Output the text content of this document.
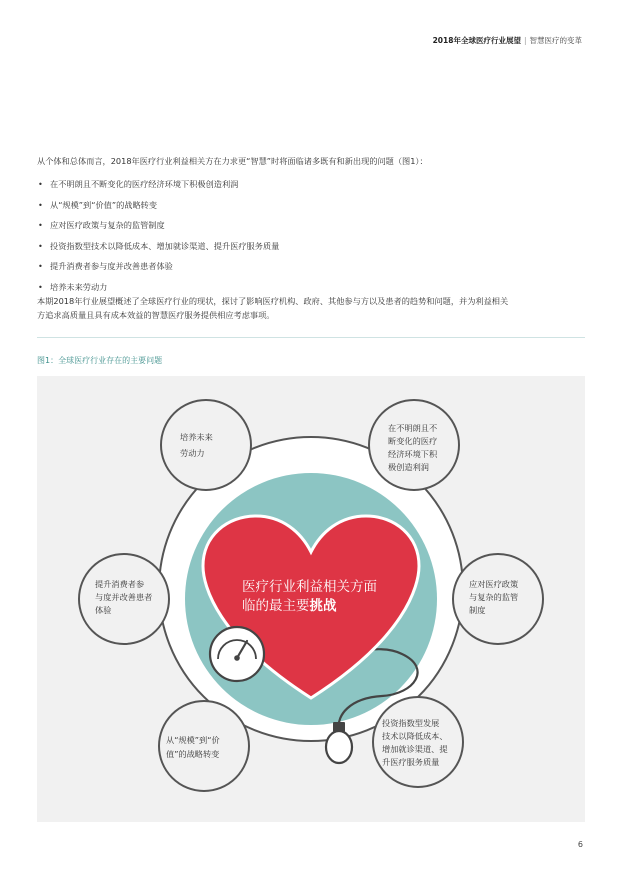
2018年全球医疗行业展望 | 智慧医疗的变革
从个体和总体而言，2018年医疗行业利益相关方在力求更“智慧”时将面临诸多既有和新出现的问题（图1）：
• 在不明朗且不断变化的医疗经济环境下积极创造利润
• 从“规模”到“价值”的战略转变
• 应对医疗政策与复杂的监管制度
• 投资指数型技术以降低成本、增加就诊渠道、提升医疗服务质量
• 提升消费者参与度并改善患者体验
• 培养未来劳动力
本期2018年行业展望概述了全球医疗行业的现状，探讨了影响医疗机构、政府、其他参与方以及患者的趋势和问题，并为利益相关
方追求高质量且具有成本效益的智慧医疗服务提供相应考虑事项。
图1：全球医疗行业存在的主要问题
医疗行业利益相关方面
临的最主要挑战
培养未来
劳动力
在不明朗且不
断变化的医疗
经济环境下积
极创造利润
提升消费者参
与度并改善患者
体验
应对医疗政策
与复杂的监管
制度
从“规模”到“价
值”的战略转变
投资指数型发展
技术以降低成本、
增加就诊渠道、提
升医疗服务质量
6
